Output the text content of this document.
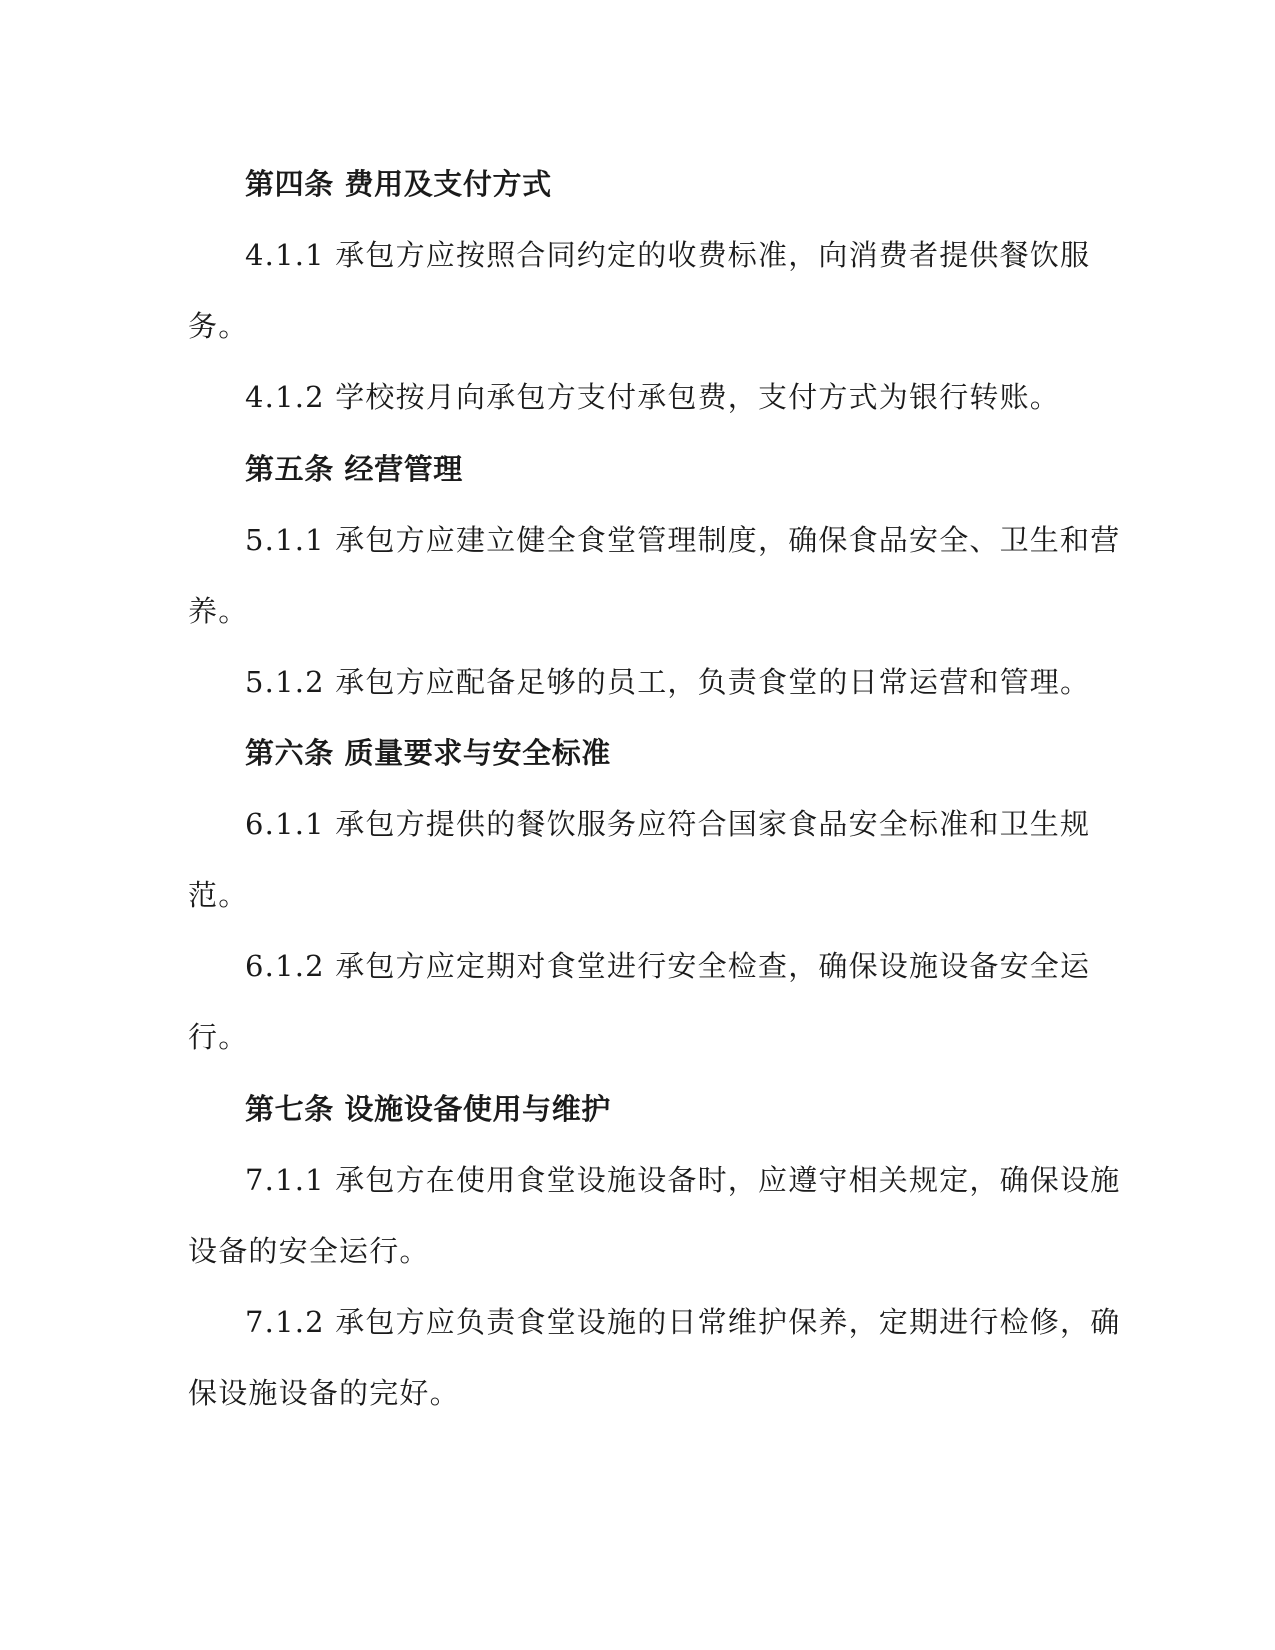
第四条 费用及支付方式
4.1.1 承包方应按照合同约定的收费标准，向消费者提供餐饮服
务。
4.1.2 学校按月向承包方支付承包费，支付方式为银行转账。
第五条 经营管理
5.1.1 承包方应建立健全食堂管理制度，确保食品安全、卫生和营
养。
5.1.2 承包方应配备足够的员工，负责食堂的日常运营和管理。
第六条 质量要求与安全标准
6.1.1 承包方提供的餐饮服务应符合国家食品安全标准和卫生规
范。
6.1.2 承包方应定期对食堂进行安全检查，确保设施设备安全运
行。
第七条 设施设备使用与维护
7.1.1 承包方在使用食堂设施设备时，应遵守相关规定，确保设施
设备的安全运行。
7.1.2 承包方应负责食堂设施的日常维护保养，定期进行检修，确
保设施设备的完好。
